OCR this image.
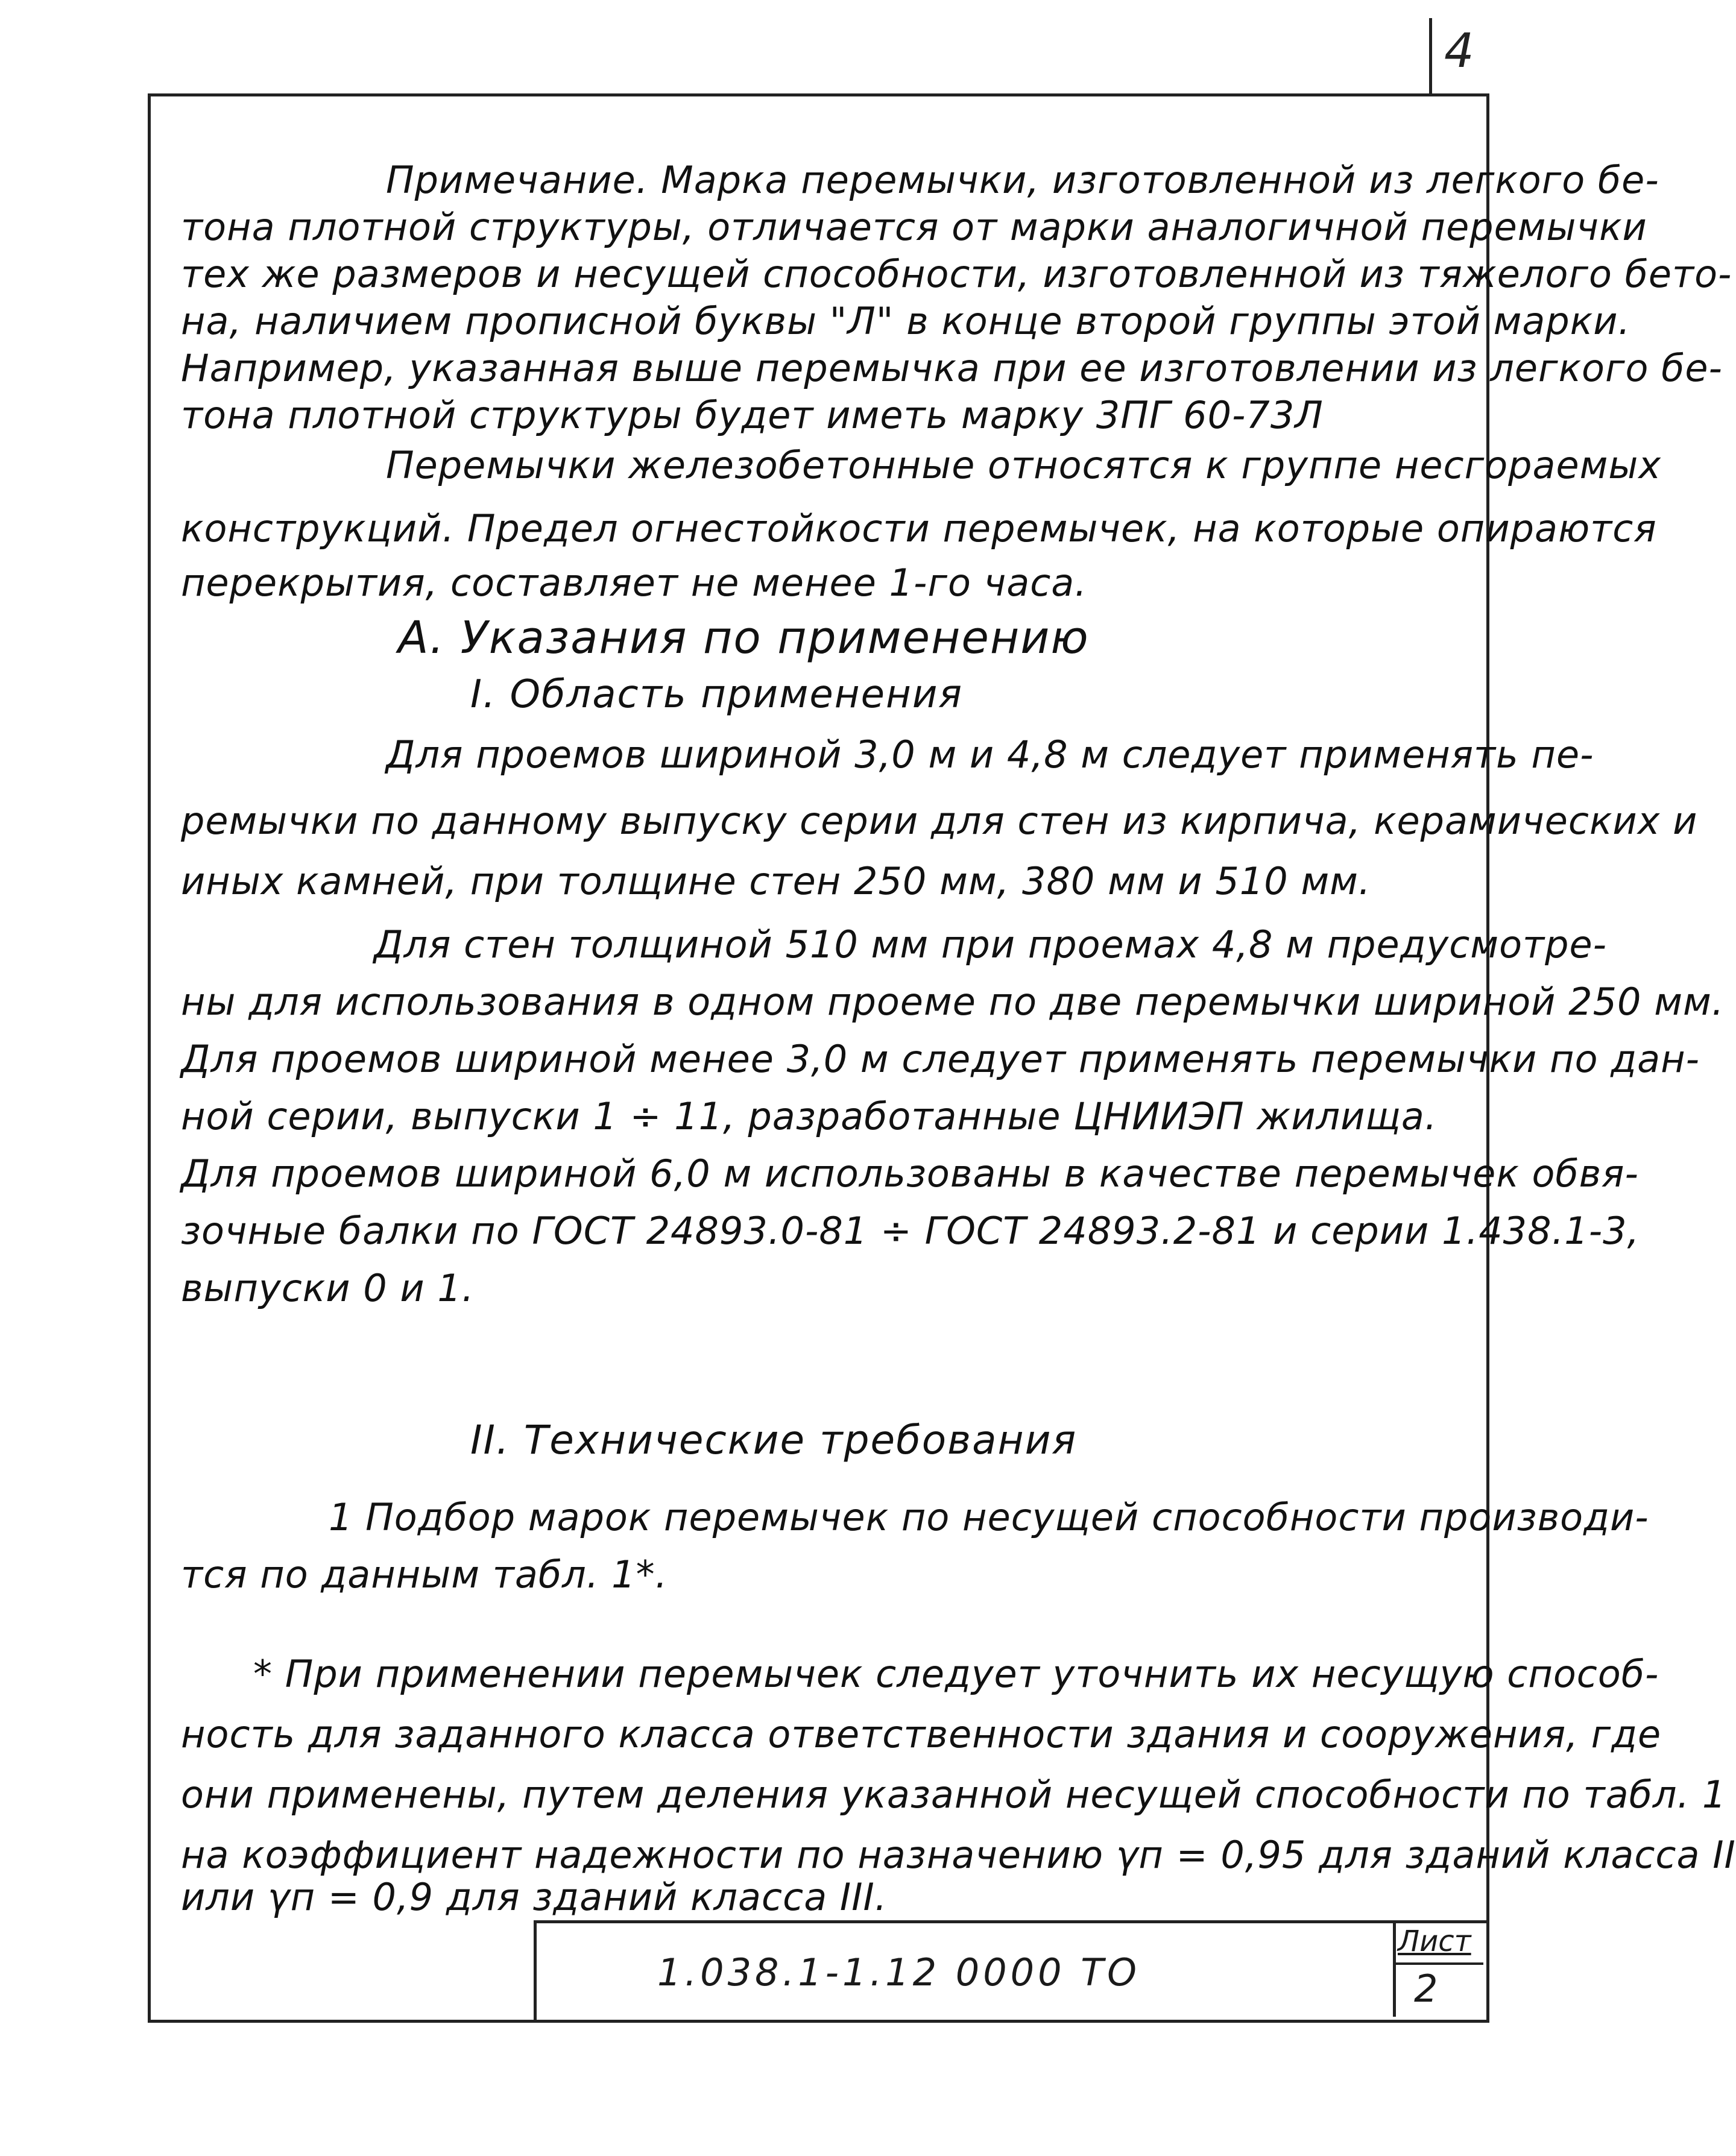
4
Примечание. Марка перемычки, изготовленной из легкого бе-
тона плотной структуры, отличается от марки аналогичной перемычки
тех же размеров и несущей способности, изготовленной из тяжелого бето-
на, наличием прописной буквы "Л" в конце второй группы этой марки.
Например, указанная выше перемычка при ее изготовлении из легкого бе-
тона плотной структуры будет иметь марку 3ПГ 60-73Л
Перемычки железобетонные относятся к группе несгораемых
конструкций. Предел огнестойкости перемычек, на которые опираются
перекрытия, составляет не менее 1-го часа.
А. Указания по применению
I. Область применения
Для проемов шириной 3,0 м и 4,8 м следует применять пе-
ремычки по данному выпуску серии для стен из кирпича, керамических и
иных камней, при толщине стен 250 мм, 380 мм и 510 мм.
Для стен толщиной 510 мм при проемах 4,8 м предусмотре-
ны для использования в одном проеме по две перемычки шириной 250 мм.
Для проемов шириной менее 3,0 м следует применять перемычки по дан-
ной серии, выпуски 1 ÷ 11, разработанные ЦНИИЭП жилища.
Для проемов шириной 6,0 м использованы в качестве перемычек обвя-
зочные балки по ГОСТ 24893.0-81 ÷ ГОСТ 24893.2-81 и серии 1.438.1-3,
выпуски 0 и 1.
II. Технические требования
1 Подбор марок перемычек по несущей способности производи-
тся по данным табл. 1*.
* При применении перемычек следует уточнить их несущую способ-
ность для заданного класса ответственности здания и сооружения, где
они применены, путем деления указанной несущей способности по табл. 1
на коэффициент надежности по назначению γп = 0,95 для зданий класса II
или γп = 0,9 для зданий класса III.
1.038.1-1.12 0000 ТО
Лист
2
